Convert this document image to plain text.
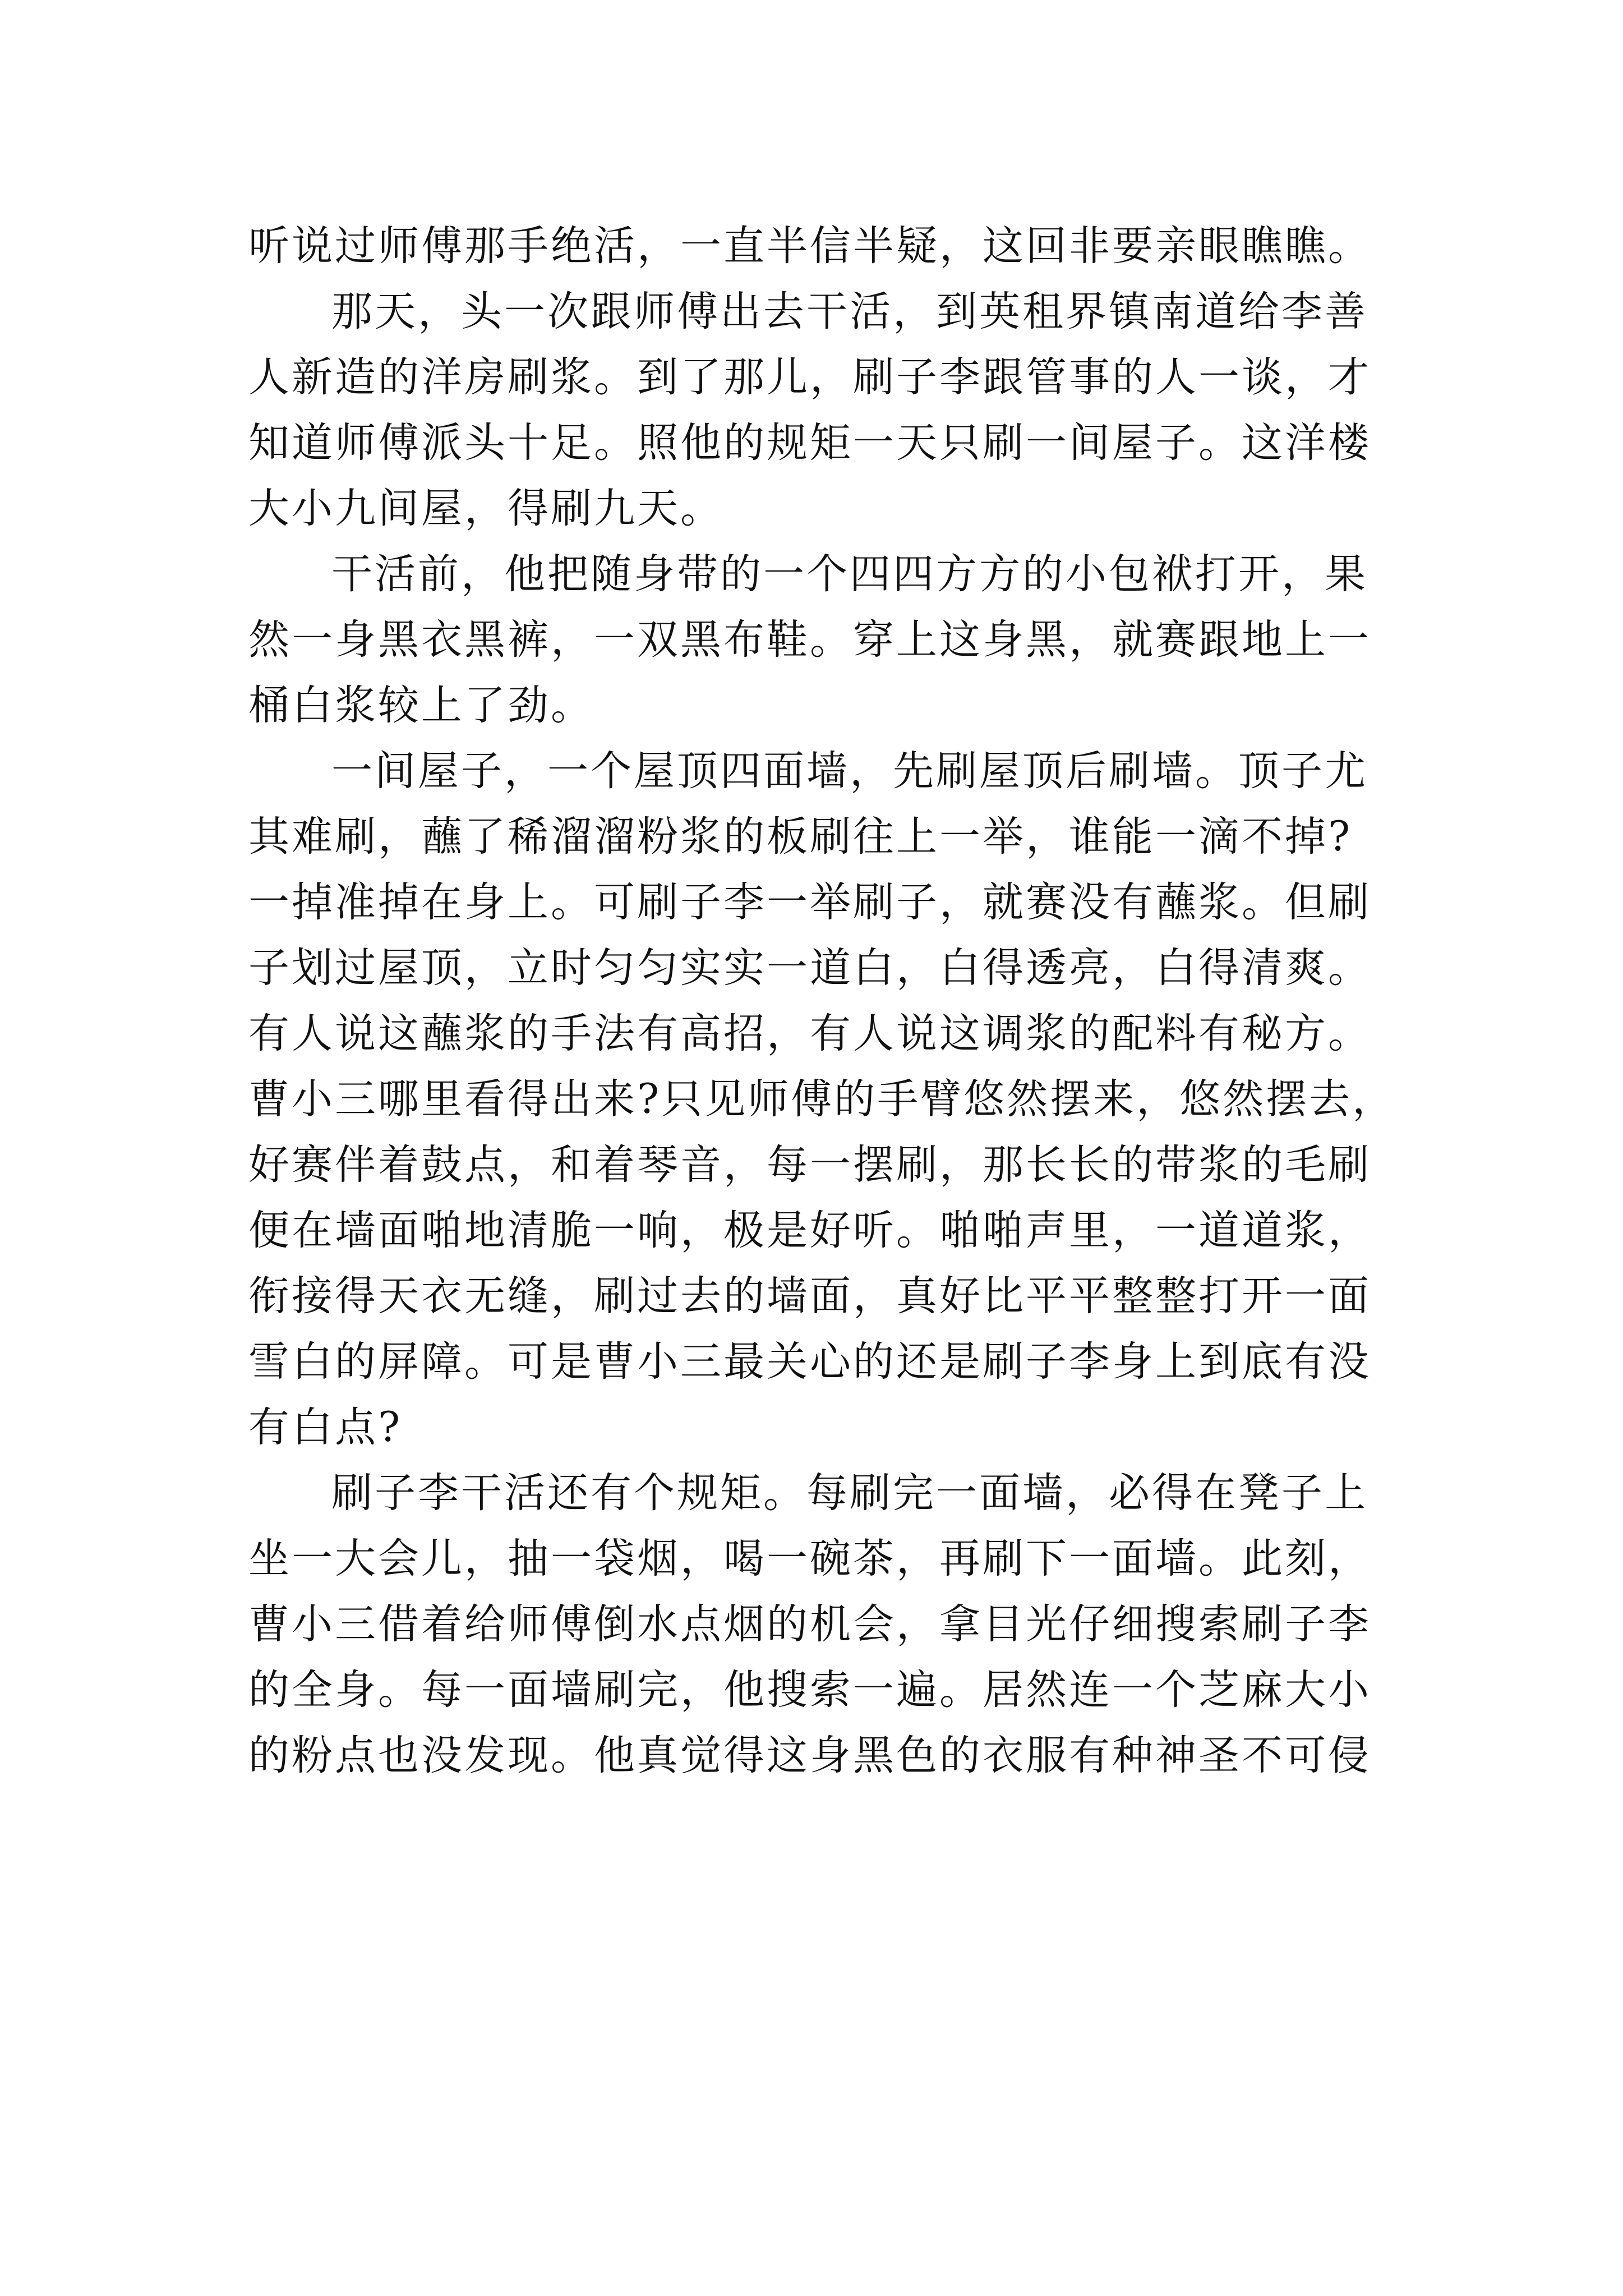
听说过师傅那手绝活，一直半信半疑，这回非要亲眼瞧瞧。
那天，头一次跟师傅出去干活，到英租界镇南道给李善
人新造的洋房刷浆。到了那儿，刷子李跟管事的人一谈，才
知道师傅派头十足。照他的规矩一天只刷一间屋子。这洋楼
大小九间屋，得刷九天。
干活前，他把随身带的一个四四方方的小包袱打开，果
然一身黑衣黑裤，一双黑布鞋。穿上这身黑，就赛跟地上一
桶白浆较上了劲。
一间屋子，一个屋顶四面墙，先刷屋顶后刷墙。顶子尤
其难刷，蘸了稀溜溜粉浆的板刷往上一举，谁能一滴不掉?
一掉准掉在身上。可刷子李一举刷子，就赛没有蘸浆。但刷
子划过屋顶，立时匀匀实实一道白，白得透亮，白得清爽。
有人说这蘸浆的手法有高招，有人说这调浆的配料有秘方。
曹小三哪里看得出来?只见师傅的手臂悠然摆来，悠然摆去，
好赛伴着鼓点，和着琴音，每一摆刷，那长长的带浆的毛刷
便在墙面啪地清脆一响，极是好听。啪啪声里，一道道浆，
衔接得天衣无缝，刷过去的墙面，真好比平平整整打开一面
雪白的屏障。可是曹小三最关心的还是刷子李身上到底有没
有白点?
刷子李干活还有个规矩。每刷完一面墙，必得在凳子上
坐一大会儿，抽一袋烟，喝一碗茶，再刷下一面墙。此刻，
曹小三借着给师傅倒水点烟的机会，拿目光仔细搜索刷子李
的全身。每一面墙刷完，他搜索一遍。居然连一个芝麻大小
的粉点也没发现。他真觉得这身黑色的衣服有种神圣不可侵
